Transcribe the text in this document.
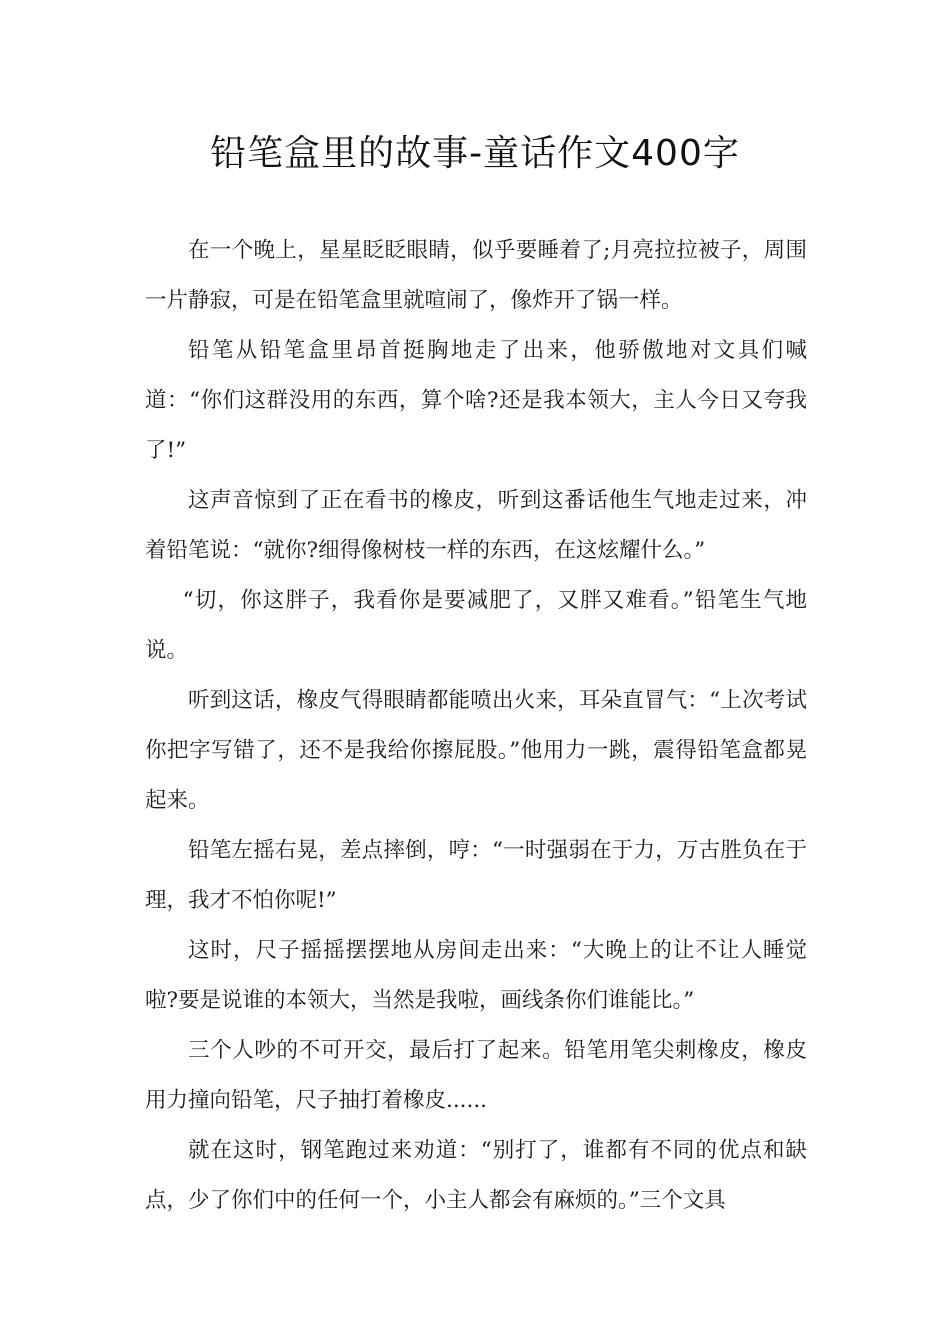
铅笔盒里的故事-童话作文400字

在一个晚上，星星眨眨眼睛，似乎要睡着了;月亮拉拉被子，周围一片静寂，可是在铅笔盒里就喧闹了，像炸开了锅一样。

铅笔从铅笔盒里昂首挺胸地走了出来，他骄傲地对文具们喊道：“你们这群没用的东西，算个啥?还是我本领大，主人今日又夸我了!”

这声音惊到了正在看书的橡皮，听到这番话他生气地走过来，冲着铅笔说：“就你?细得像树枝一样的东西，在这炫耀什么。”

“切，你这胖子，我看你是要减肥了，又胖又难看。”铅笔生气地说。

听到这话，橡皮气得眼睛都能喷出火来，耳朵直冒气：“上次考试你把字写错了，还不是我给你擦屁股。”他用力一跳，震得铅笔盒都晃起来。

铅笔左摇右晃，差点摔倒，哼：“一时强弱在于力，万古胜负在于理，我才不怕你呢!”

这时，尺子摇摇摆摆地从房间走出来：“大晚上的让不让人睡觉啦?要是说谁的本领大，当然是我啦，画线条你们谁能比。”

三个人吵的不可开交，最后打了起来。铅笔用笔尖刺橡皮，橡皮用力撞向铅笔，尺子抽打着橡皮......

就在这时，钢笔跑过来劝道：“别打了，谁都有不同的优点和缺点，少了你们中的任何一个，小主人都会有麻烦的。”三个文具
